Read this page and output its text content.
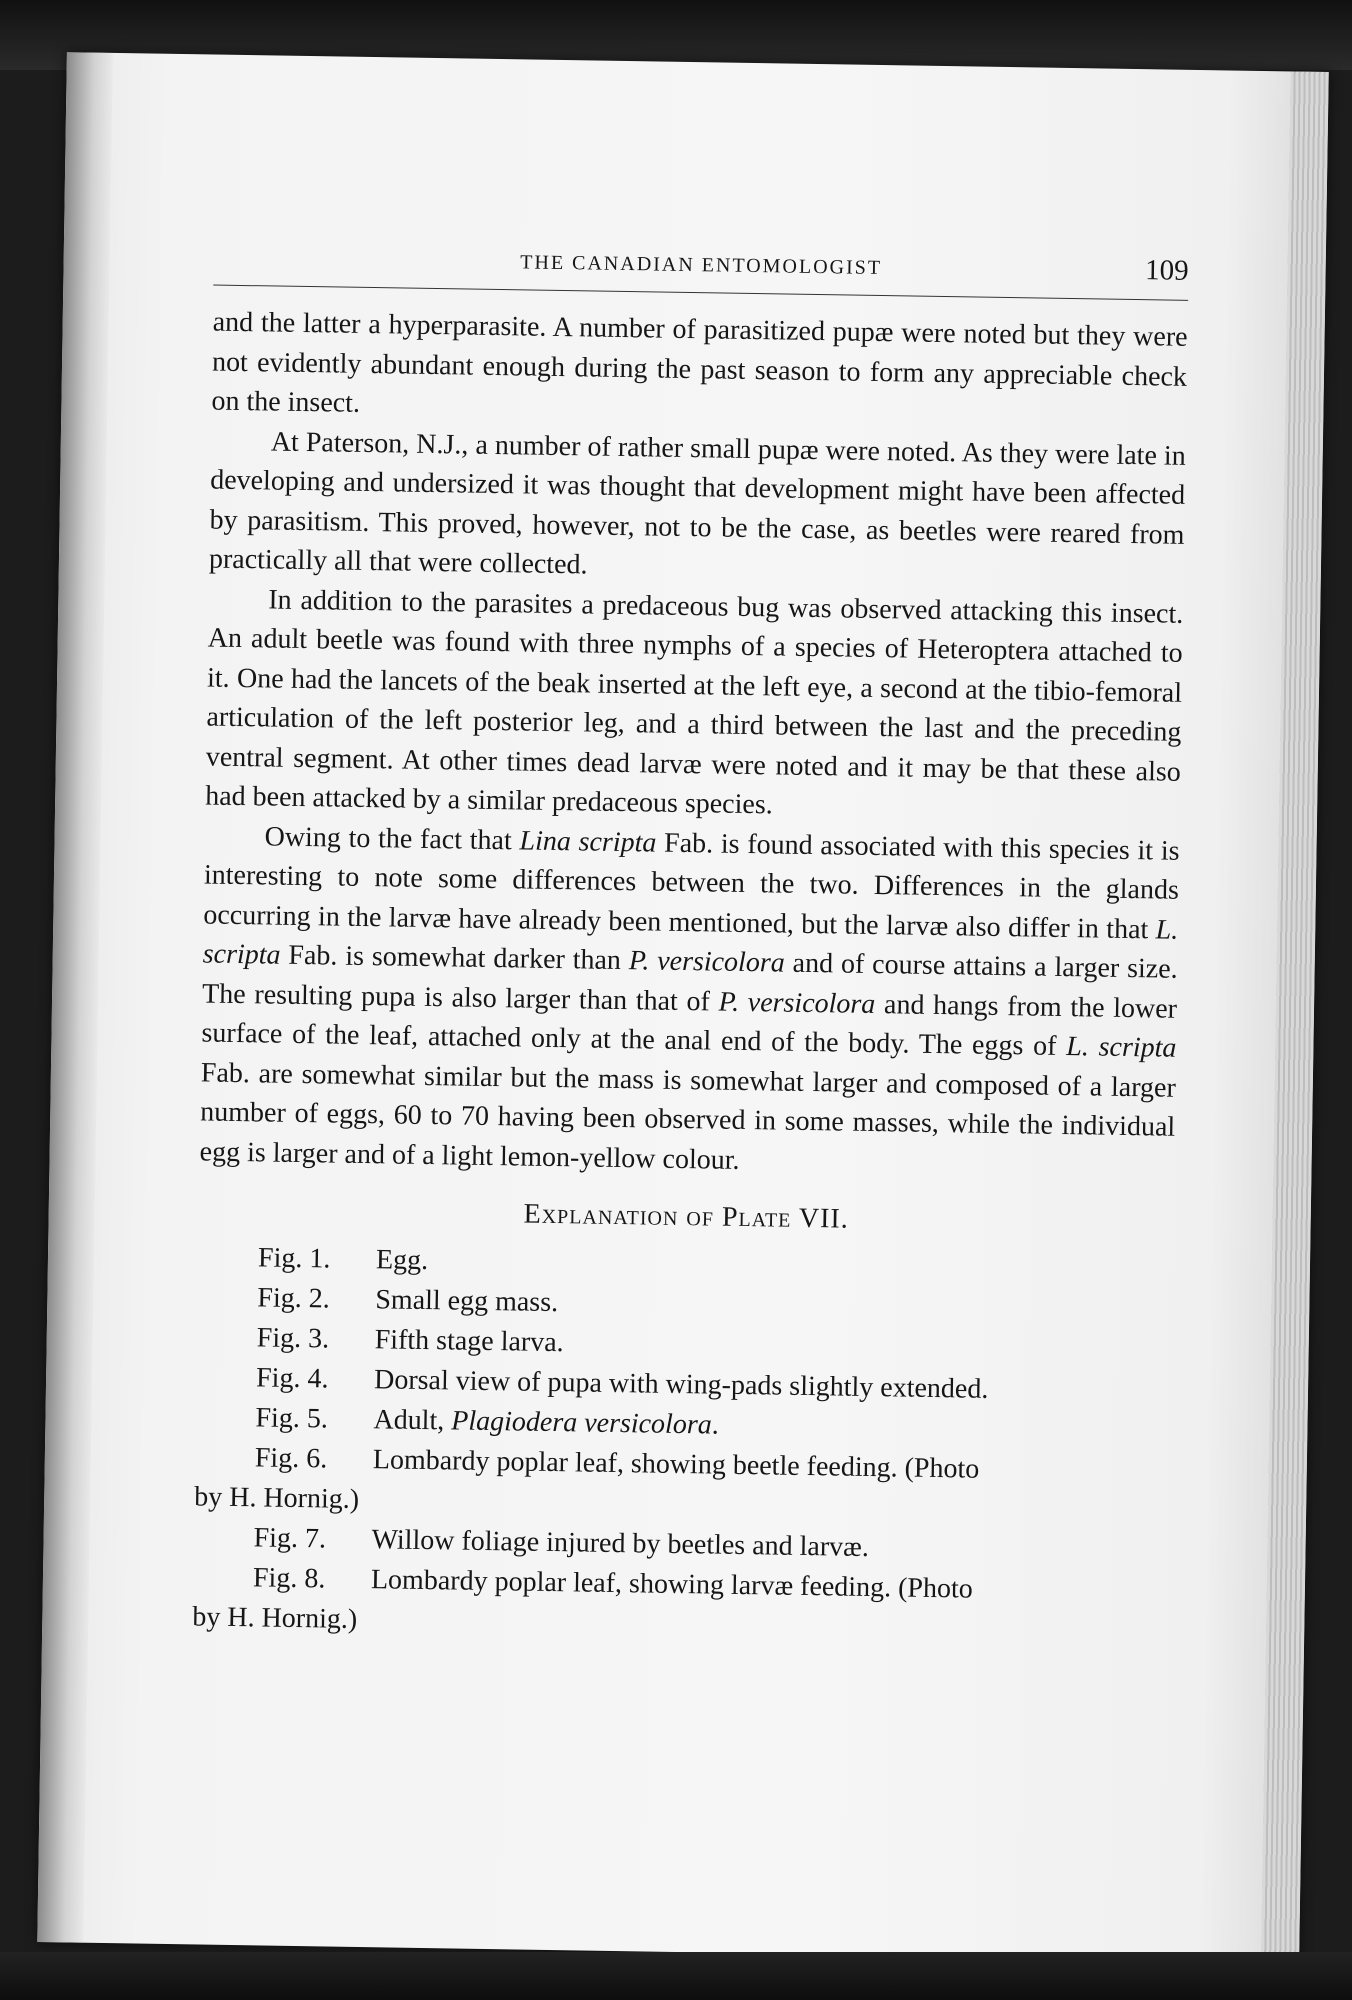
THE CANADIAN ENTOMOLOGIST	109

and the latter a hyperparasite. A number of parasitized pupæ were noted but they were not evidently abundant enough during the past season to form any appreciable check on the insect.

At Paterson, N.J., a number of rather small pupæ were noted. As they were late in developing and undersized it was thought that development might have been affected by parasitism. This proved, however, not to be the case, as beetles were reared from practically all that were collected.

In addition to the parasites a predaceous bug was observed attacking this insect. An adult beetle was found with three nymphs of a species of Heteroptera attached to it. One had the lancets of the beak inserted at the left eye, a second at the tibio-femoral articulation of the left posterior leg, and a third between the last and the preceding ventral segment. At other times dead larvæ were noted and it may be that these also had been attacked by a similar predaceous species.

Owing to the fact that Lina scripta Fab. is found associated with this species it is interesting to note some differences between the two. Differences in the glands occurring in the larvæ have already been mentioned, but the larvæ also differ in that L. scripta Fab. is somewhat darker than P. versicolora and of course attains a larger size. The resulting pupa is also larger than that of P. versicolora and hangs from the lower surface of the leaf, attached only at the anal end of the body. The eggs of L. scripta Fab. are somewhat similar but the mass is somewhat larger and composed of a larger number of eggs, 60 to 70 having been observed in some masses, while the individual egg is larger and of a light lemon-yellow colour.

Explanation of Plate VII.

Fig. 1. Egg.

Fig. 2. Small egg mass.

Fig. 3. Fifth stage larva.

Fig. 4. Dorsal view of pupa with wing-pads slightly extended.

Fig. 5. Adult, Plagiodera versicolora.

Fig. 6. Lombardy poplar leaf, showing beetle feeding. (Photo

by H. Hornig.)

Fig. 7. Willow foliage injured by beetles and larvæ.

Fig. 8. Lombardy poplar leaf, showing larvæ feeding. (Photo

by H. Hornig.)
